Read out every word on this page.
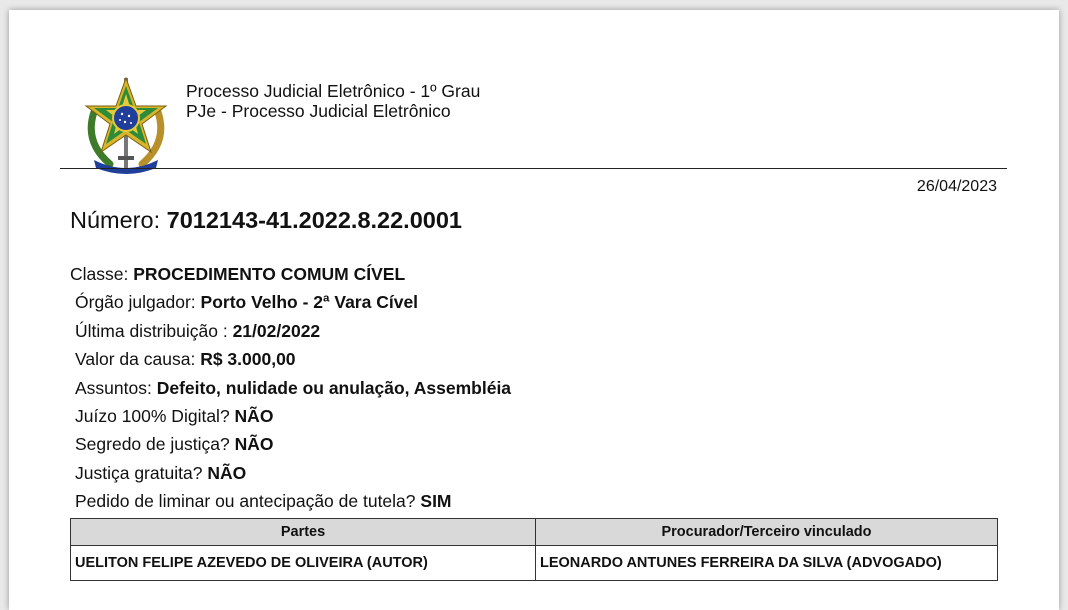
Processo Judicial Eletrônico - 1º Grau
PJe - Processo Judicial Eletrônico
26/04/2023
Número: 7012143-41.2022.8.22.0001
Classe: PROCEDIMENTO COMUM CÍVEL
Órgão julgador: Porto Velho - 2ª Vara Cível
Última distribuição : 21/02/2022
Valor da causa: R$ 3.000,00
Assuntos: Defeito, nulidade ou anulação, Assembléia
Juízo 100% Digital? NÃO
Segredo de justiça? NÃO
Justiça gratuita? NÃO
Pedido de liminar ou antecipação de tutela? SIM
Partes	Procurador/Terceiro vinculado
UELITON FELIPE AZEVEDO DE OLIVEIRA (AUTOR)	LEONARDO ANTUNES FERREIRA DA SILVA (ADVOGADO)
